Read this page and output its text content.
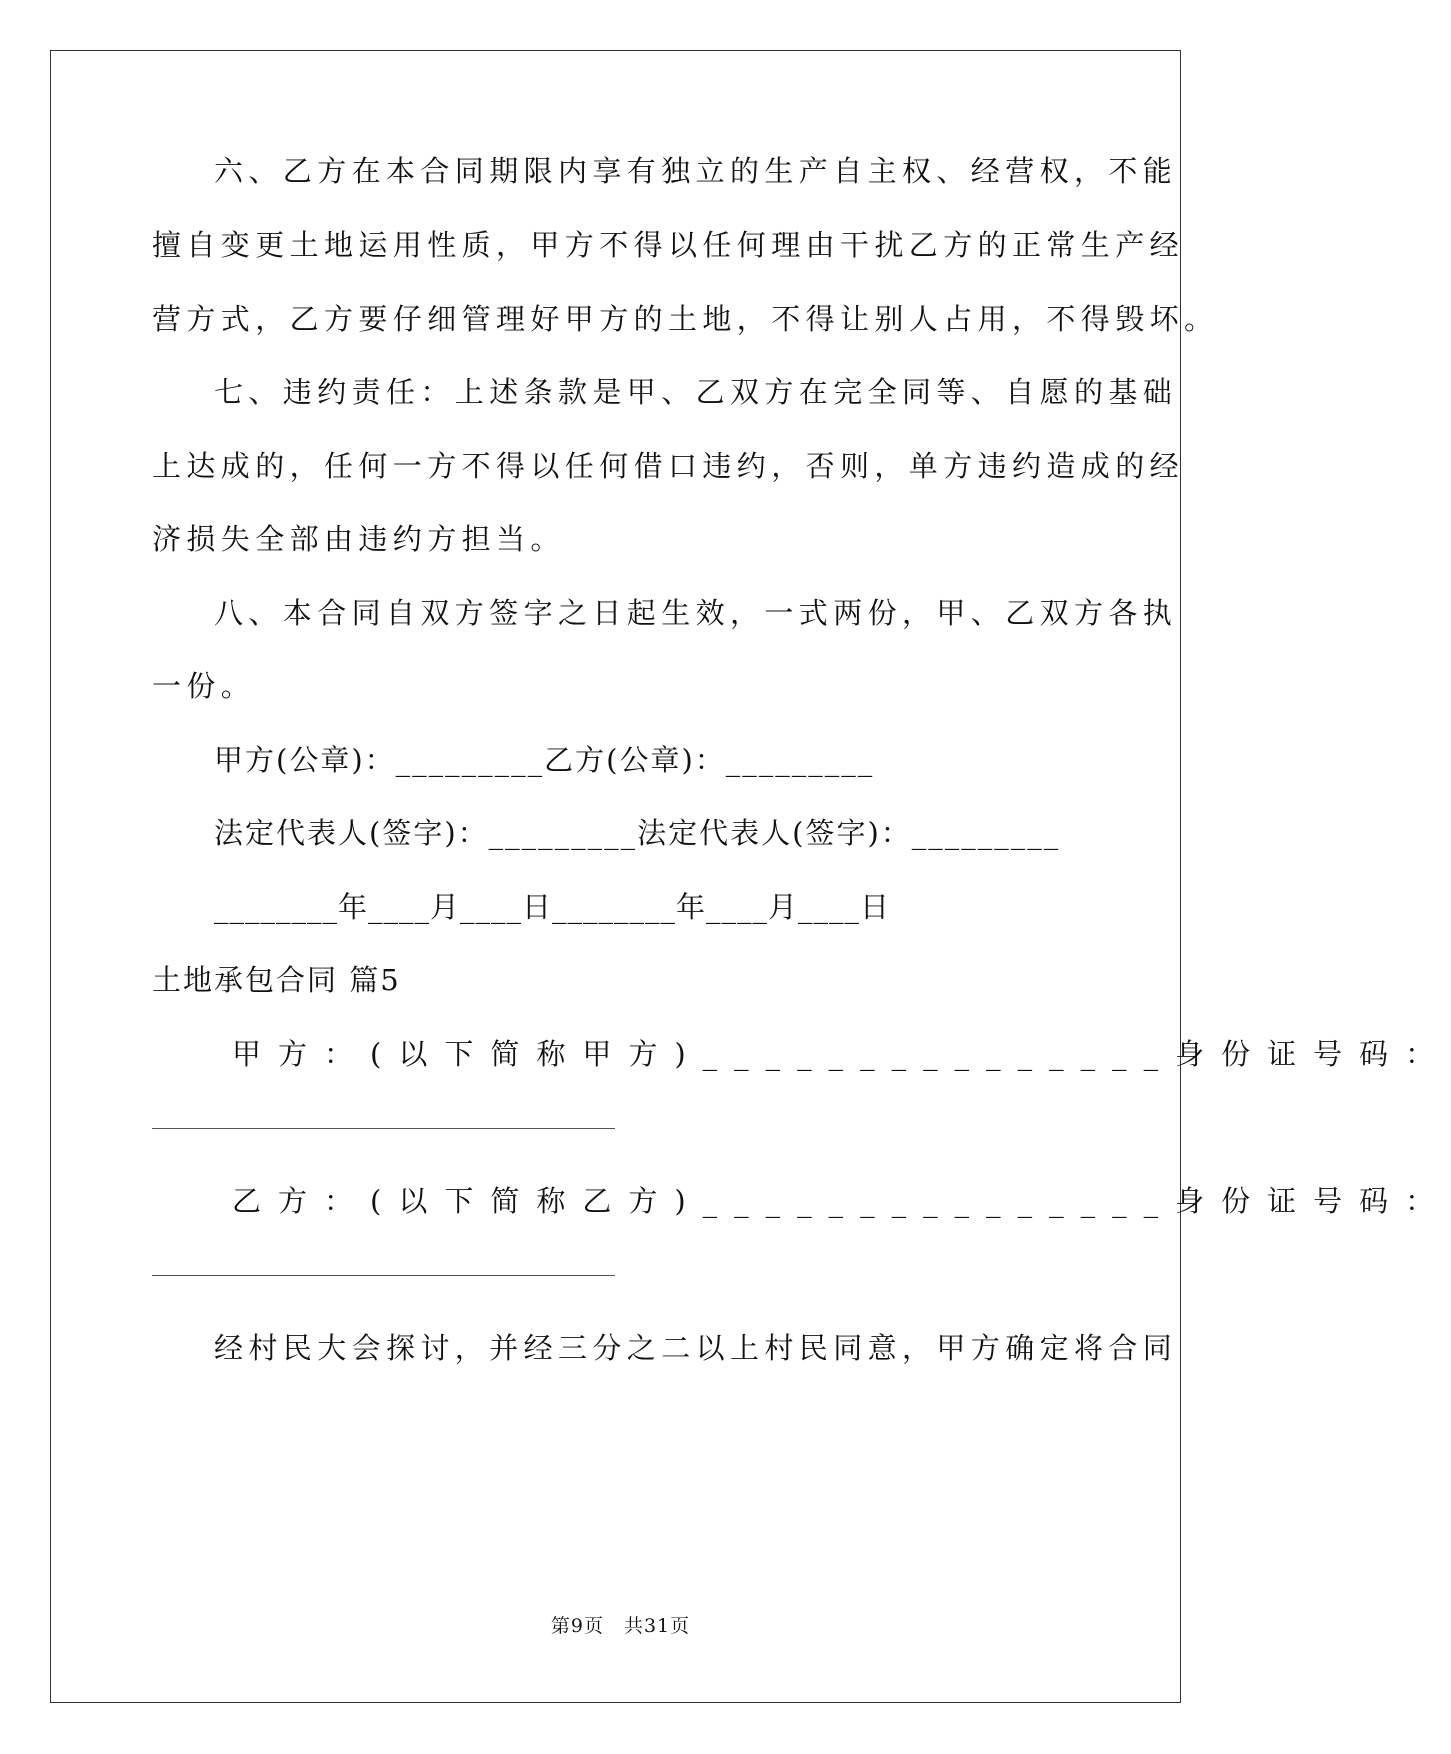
六、乙方在本合同期限内享有独立的生产自主权、经营权，不能
擅自变更土地运用性质，甲方不得以任何理由干扰乙方的正常生产经
营方式，乙方要仔细管理好甲方的土地，不得让别人占用，不得毁坏。
七、违约责任：上述条款是甲、乙双方在完全同等、自愿的基础
上达成的，任何一方不得以任何借口违约，否则，单方违约造成的经
济损失全部由违约方担当。
八、本合同自双方签字之日起生效，一式两份，甲、乙双方各执
一份。
甲方(公章)：_________乙方(公章)：_________
法定代表人(签字)：_________法定代表人(签字)：_________
________年____月____日________年____月____日
土地承包合同 篇5
甲方：(以下简称甲方)_______________身份证号码：
乙方：(以下简称乙方)_______________身份证号码：
经村民大会探讨，并经三分之二以上村民同意，甲方确定将合同
第9页　共31页
